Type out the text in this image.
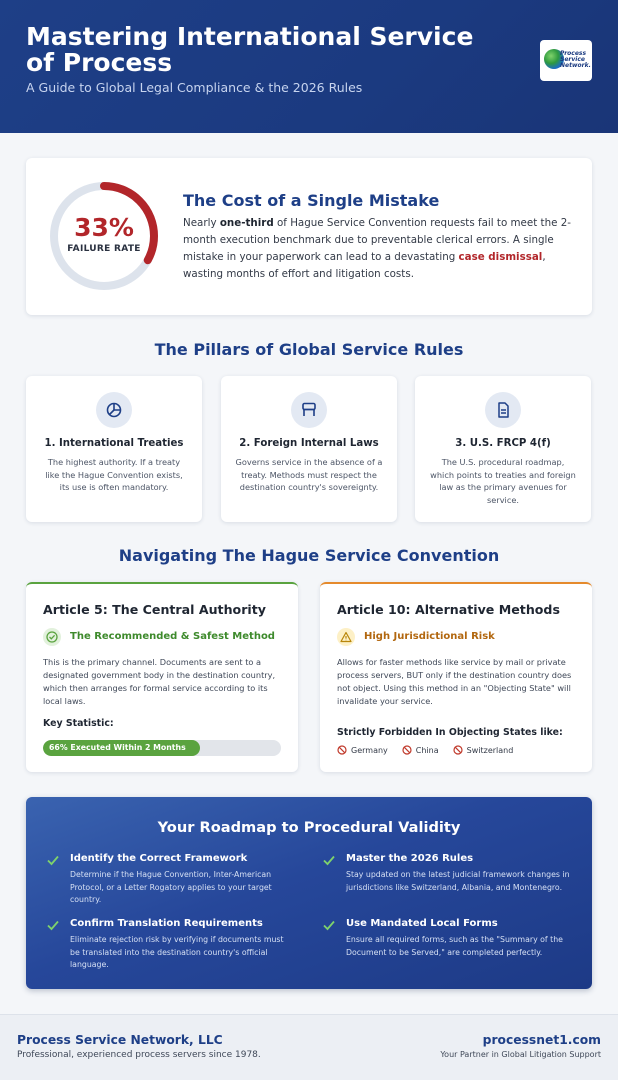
Mastering International Service of Process
A Guide to Global Legal Compliance & the 2026 Rules
Process
Service
Network.
33%
FAILURE RATE
The Cost of a Single Mistake

Nearly one-third of Hague Service Convention requests fail to meet the 2-month execution benchmark due to preventable clerical errors. A single mistake in your paperwork can lead to a devastating case dismissal, wasting months of effort and litigation costs.

The Pillars of Global Service Rules
1. International Treaties

The highest authority. If a treaty like the Hague Convention exists, its use is often mandatory.

2. Foreign Internal Laws

Governs service in the absence of a treaty. Methods must respect the destination country's sovereignty.

3. U.S. FRCP 4(f)

The U.S. procedural roadmap, which points to treaties and foreign law as the primary avenues for service.

Navigating The Hague Service Convention
Article 5: The Central Authority
The Recommended & Safest Method

This is the primary channel. Documents are sent to a designated government body in the destination country, which then arranges for formal service according to its local laws.

Key Statistic:
66% Executed Within 2 Months
Article 10: Alternative Methods
High Jurisdictional Risk

Allows for faster methods like service by mail or private process servers, BUT only if the destination country does not object. Using this method in an "Objecting State" will invalidate your service.

Strictly Forbidden In Objecting States like:
Germany	China	Switzerland
Your Roadmap to Procedural Validity
Identify the Correct Framework

Determine if the Hague Convention, Inter-American Protocol, or a Letter Rogatory applies to your target country.

Master the 2026 Rules

Stay updated on the latest judicial framework changes in jurisdictions like Switzerland, Albania, and Montenegro.

Confirm Translation Requirements

Eliminate rejection risk by verifying if documents must be translated into the destination country's official language.

Use Mandated Local Forms

Ensure all required forms, such as the "Summary of the Document to be Served," are completed perfectly.

Process Service Network, LLC
Professional, experienced process servers since 1978.
processnet1.com
Your Partner in Global Litigation Support
